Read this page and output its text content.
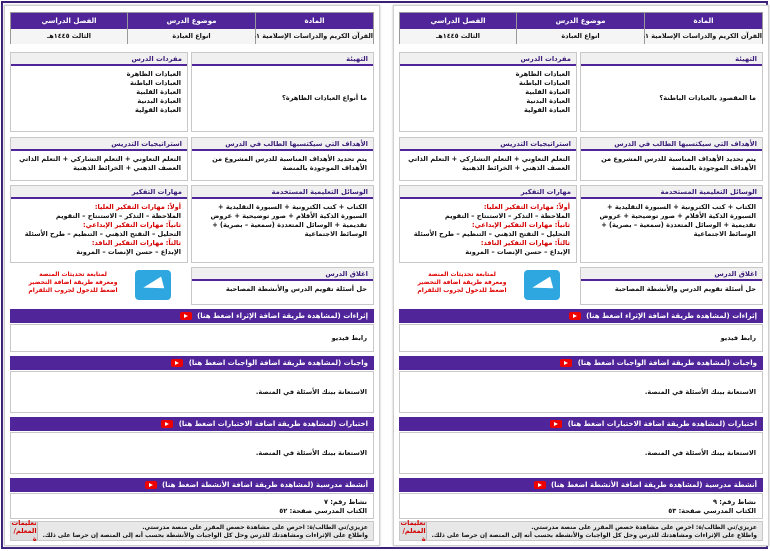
المادة
القرآن الكريم والدراسات الإسلامية ١
موضوع الدرس
انواع العبادة
الفصل الدراسي
الثالث ١٤٤٥هـ
التهيئة
ما المقصود بالعبادات الباطنة؟
مفردات الدرس
العبادات الظاهرة
العبادات الباطنة
العبادة القلبية
العبادة البدنية
العبادة القولية
الأهداف التي سيكتسبها الطالب في الدرس
يتم تحديد الأهداف المناسبة للدرس المشروع من الأهداف الموجودة بالمنصة
استراتيجيات التدريس
التعلم التعاوني + التعلم التشاركي + التعلم الذاتي
العصف الذهني + الخرائط الذهنية
الوسائل التعليمية المستخدمة
الكتاب + كتب الكترونية + السبورة التقليدية + السبورة الذكية الأقلام + صور توضيحية + عروض تقديمية + الوسائل المتعددة (سمعية – بصرية) + الوسائط الاجتماعية
مهارات التفكير
أولاً: مهارات التفكير العليا:
الملاحظة – التذكر – الاستنتاج – التقويم
ثانياً: مهارات التفكير الإبداعي:
التحليل – التفتح الذهني – التنظيم – طرح الأسئلة
ثالثاً: مهارات التفكير الناقد:
الإبداع – حسن الإنصات – المرونة
اغلاق الدرس
حل أسئلة تقويم الدرس والأنشطة المصاحبة
لمتابعة تحديثات المنصة
ومعرفة طريقة اضافة التحضير
اضغط للدخول لجروب التلقرام
إثراءات (لمشاهدة طريقة اضافة الإثراء اضغط هنا)
رابط فيديو
واجبات (لمشاهدة طريقة اضافة الواجبات اضغط هنا)
الاستعانة ببنك الأسئلة في المنصة.
اختبارات (لمشاهدة طريقة اضافة الاختبارات اضغط هنا)
الاستعانة ببنك الأسئلة في المنصة.
أنشطة مدرسية (لمشاهدة طريقة اضافة الأنشطة اضغط هنا)
نشاط رقم: ٩
الكتاب المدرسي صفحة: ٥٣
عزيزي/تي الطالب/ة: احرص على مشاهدة حصص المقرر على منصة مدرستي.
واطلاع على الإثراءات ومشاهدتك للدرس وحل كل الواجبات والأنشطة بحسب أنه إلى المنصة إن حرصا على ذلك.
تعليمات المعلم/ة
المادة
القرآن الكريم والدراسات الإسلامية ١
موضوع الدرس
انواع العبادة
الفصل الدراسي
الثالث ١٤٤٥هـ
التهيئة
ما أنواع العبادات الظاهرة؟
مفردات الدرس
العبادات الظاهرة
العبادات الباطنة
العبادة القلبية
العبادة البدنية
العبادة القولية
الأهداف التي سيكتسبها الطالب في الدرس
يتم تحديد الأهداف المناسبة للدرس المشروع من الأهداف الموجودة بالمنصة
استراتيجيات التدريس
التعلم التعاوني + التعلم التشاركي + التعلم الذاتي
العصف الذهني + الخرائط الذهنية
الوسائل التعليمية المستخدمة
الكتاب + كتب الكترونية + السبورة التقليدية + السبورة الذكية الأقلام + صور توضيحية + عروض تقديمية + الوسائل المتعددة (سمعية – بصرية) + الوسائط الاجتماعية
مهارات التفكير
أولاً: مهارات التفكير العليا:
الملاحظة – التذكر – الاستنتاج – التقويم
ثانياً: مهارات التفكير الإبداعي:
التحليل – التفتح الذهني – التنظيم – طرح الأسئلة
ثالثاً: مهارات التفكير الناقد:
الإبداع – حسن الإنصات – المرونة
اغلاق الدرس
حل أسئلة تقويم الدرس والأنشطة المصاحبة
لمتابعة تحديثات المنصة
ومعرفة طريقة اضافة التحضير
اضغط للدخول لجروب التلقرام
إثراءات (لمشاهدة طريقة اضافة الإثراء اضغط هنا)
رابط فيديو
واجبات (لمشاهدة طريقة اضافة الواجبات اضغط هنا)
الاستعانة ببنك الأسئلة في المنصة.
اختبارات (لمشاهدة طريقة اضافة الاختبارات اضغط هنا)
الاستعانة ببنك الأسئلة في المنصة.
أنشطة مدرسية (لمشاهدة طريقة اضافة الأنشطة اضغط هنا)
نشاط رقم: ٧
الكتاب المدرسي صفحة: ٥٢
عزيزي/تي الطالب/ة: احرص على مشاهدة حصص المقرر على منصة مدرستي.
واطلاع على الإثراءات ومشاهدتك للدرس وحل كل الواجبات والأنشطة بحسب أنه إلى المنصة إن حرصا على ذلك.
تعليمات المعلم/ة
